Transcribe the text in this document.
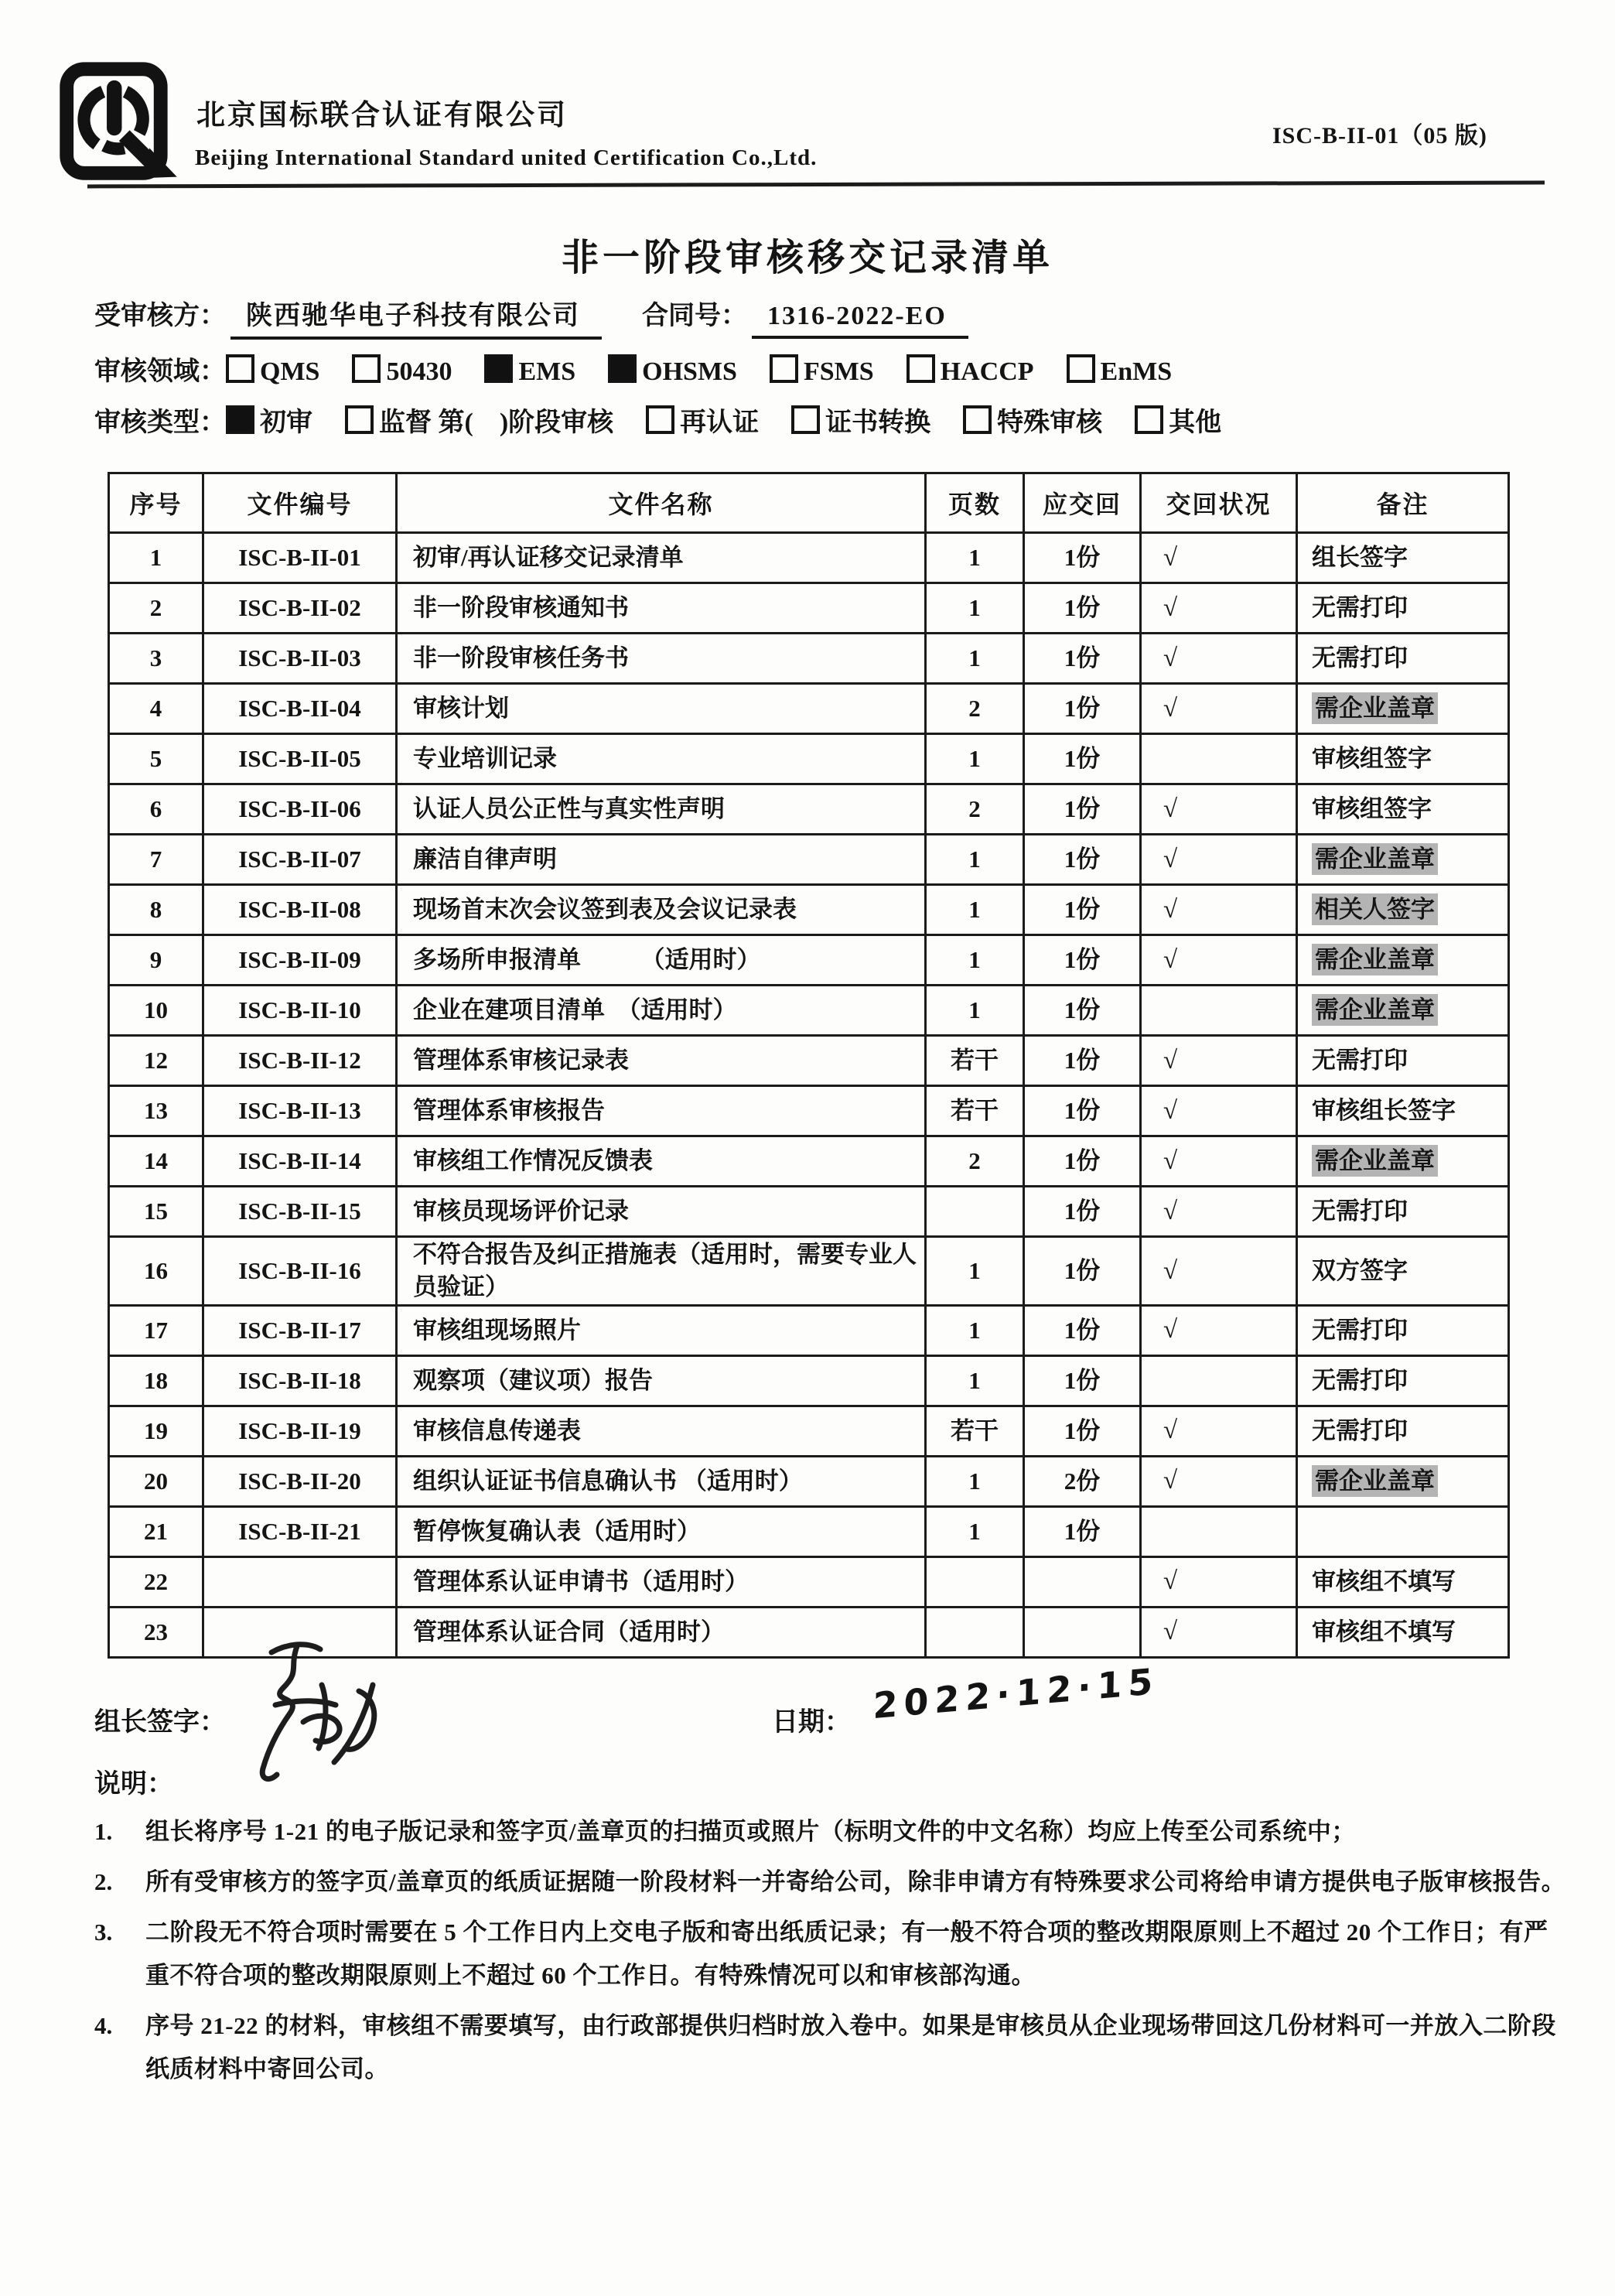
北京国标联合认证有限公司
Beijing International Standard united Certification Co.,Ltd.
ISC-B-II-01（05 版)
非一阶段审核移交记录清单
受审核方： 陕西驰华电子科技有限公司 合同号： 1316-2022-EO
审核领域： QMS	50430	EMS	OHSMS	FSMS	HACCP	EnMS
审核类型： 初审	监督 第(　)阶段审核	再认证	证书转换	特殊审核	其他
序号	文件编号	文件名称	页数	应交回	交回状况	备注
1	ISC-B-II-01	初审/再认证移交记录清单	1	1份	√	组长签字
2	ISC-B-II-02	非一阶段审核通知书	1	1份	√	无需打印
3	ISC-B-II-03	非一阶段审核任务书	1	1份	√	无需打印
4	ISC-B-II-04	审核计划	2	1份	√	需企业盖章
5	ISC-B-II-05	专业培训记录	1	1份		审核组签字
6	ISC-B-II-06	认证人员公正性与真实性声明	2	1份	√	审核组签字
7	ISC-B-II-07	廉洁自律声明	1	1份	√	需企业盖章
8	ISC-B-II-08	现场首末次会议签到表及会议记录表	1	1份	√	相关人签字
9	ISC-B-II-09	多场所申报清单　　　（适用时）	1	1份	√	需企业盖章
10	ISC-B-II-10	企业在建项目清单　（适用时）	1	1份		需企业盖章
12	ISC-B-II-12	管理体系审核记录表	若干	1份	√	无需打印
13	ISC-B-II-13	管理体系审核报告	若干	1份	√	审核组长签字
14	ISC-B-II-14	审核组工作情况反馈表	2	1份	√	需企业盖章
15	ISC-B-II-15	审核员现场评价记录		1份	√	无需打印
16	ISC-B-II-16	不符合报告及纠正措施表（适用时，需要专业人员验证）	1	1份	√	双方签字
17	ISC-B-II-17	审核组现场照片	1	1份	√	无需打印
18	ISC-B-II-18	观察项（建议项）报告	1	1份		无需打印
19	ISC-B-II-19	审核信息传递表	若干	1份	√	无需打印
20	ISC-B-II-20	组织认证证书信息确认书 （适用时）	1	2份	√	需企业盖章
21	ISC-B-II-21	暂停恢复确认表（适用时）	1	1份		
22		管理体系认证申请书（适用时）			√	审核组不填写
23		管理体系认证合同（适用时）			√	审核组不填写
组长签字：	日期： 2022·12·15
说明：
1.	组长将序号 1-21 的电子版记录和签字页/盖章页的扫描页或照片（标明文件的中文名称）均应上传至公司系统中；
2.	所有受审核方的签字页/盖章页的纸质证据随一阶段材料一并寄给公司，除非申请方有特殊要求公司将给申请方提供电子版审核报告。
3.	二阶段无不符合项时需要在 5 个工作日内上交电子版和寄出纸质记录；有一般不符合项的整改期限原则上不超过 20 个工作日；有严重不符合项的整改期限原则上不超过 60 个工作日。有特殊情况可以和审核部沟通。
4.	序号 21-22 的材料，审核组不需要填写，由行政部提供归档时放入卷中。如果是审核员从企业现场带回这几份材料可一并放入二阶段纸质材料中寄回公司。
